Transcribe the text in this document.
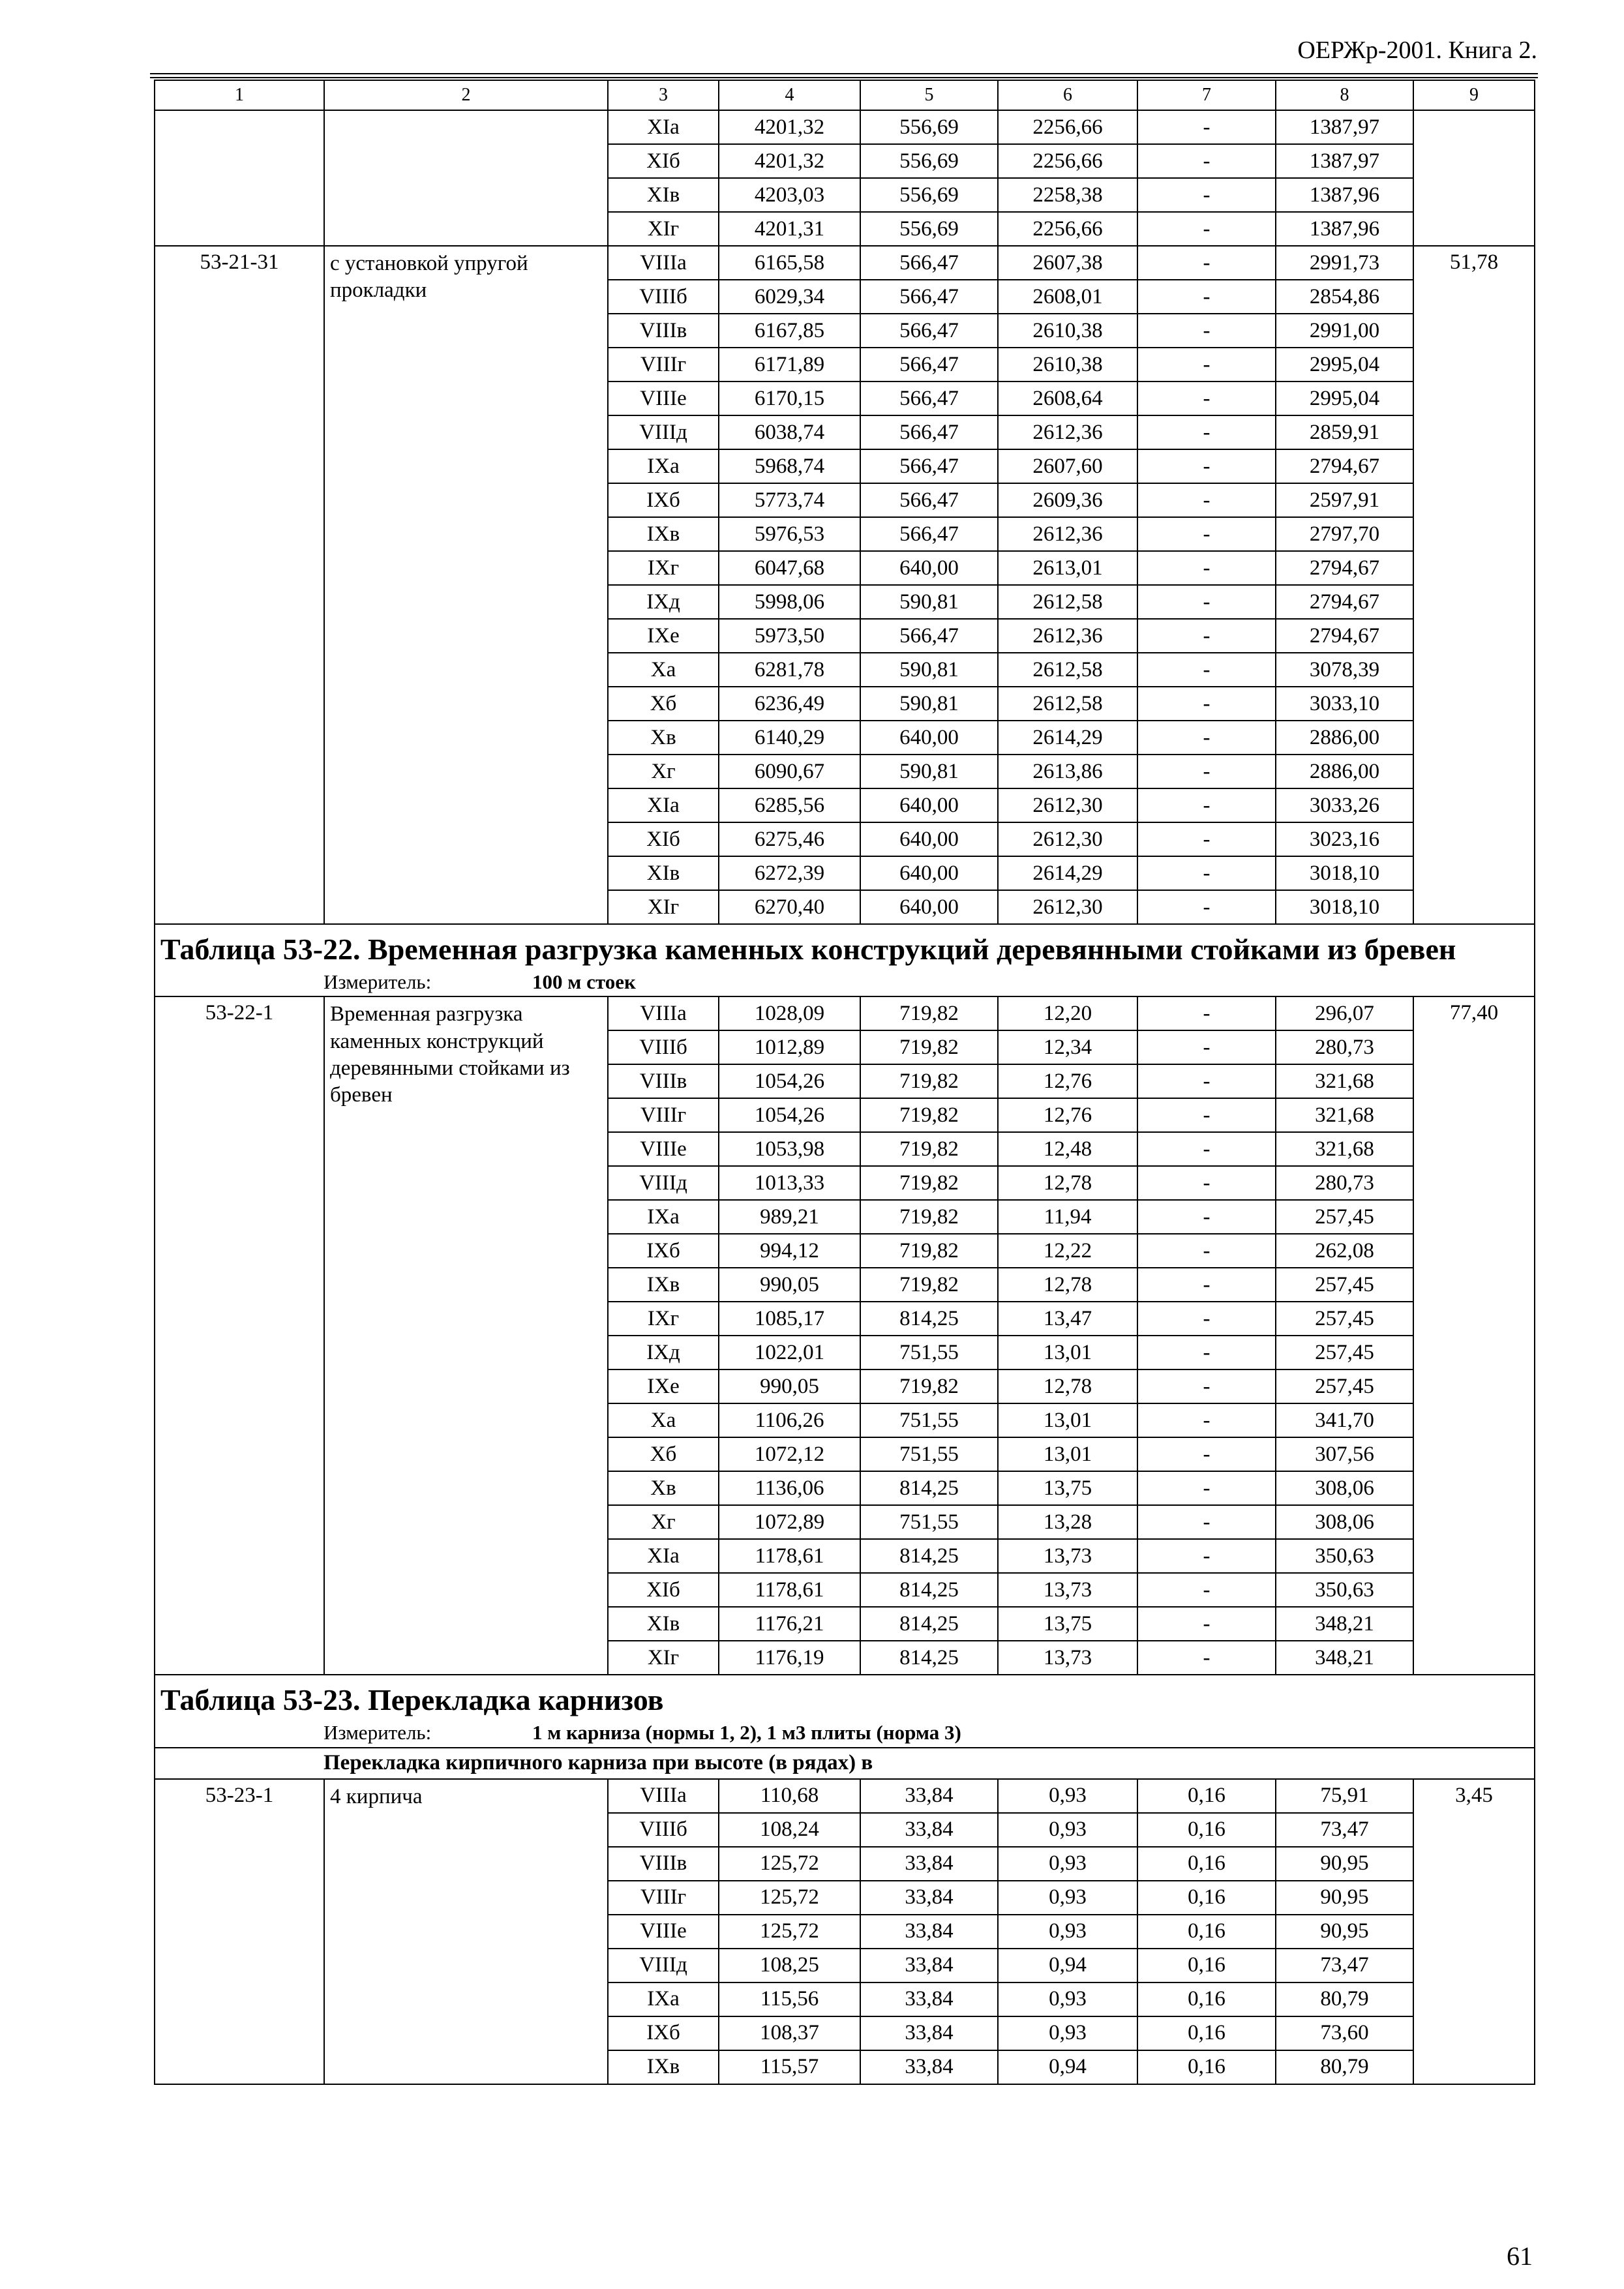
ОЕРЖр-2001. Книга 2.
1	2	3	4	5	6	7	8	9
		XIа	4201,32	556,69	2256,66	-	1387,97	
		XIб	4201,32	556,69	2256,66	-	1387,97	
		XIв	4203,03	556,69	2258,38	-	1387,96	
		XIг	4201,31	556,69	2256,66	-	1387,96	
53-21-31	с установкой упругой прокладки	VIIIа	6165,58	566,47	2607,38	-	2991,73	51,78
		VIIIб	6029,34	566,47	2608,01	-	2854,86	
		VIIIв	6167,85	566,47	2610,38	-	2991,00	
		VIIIг	6171,89	566,47	2610,38	-	2995,04	
		VIIIе	6170,15	566,47	2608,64	-	2995,04	
		VIIIд	6038,74	566,47	2612,36	-	2859,91	
		IXа	5968,74	566,47	2607,60	-	2794,67	
		IXб	5773,74	566,47	2609,36	-	2597,91	
		IXв	5976,53	566,47	2612,36	-	2797,70	
		IXг	6047,68	640,00	2613,01	-	2794,67	
		IXд	5998,06	590,81	2612,58	-	2794,67	
		IXе	5973,50	566,47	2612,36	-	2794,67	
		Xа	6281,78	590,81	2612,58	-	3078,39	
		Xб	6236,49	590,81	2612,58	-	3033,10	
		Xв	6140,29	640,00	2614,29	-	2886,00	
		Xг	6090,67	590,81	2613,86	-	2886,00	
		XIа	6285,56	640,00	2612,30	-	3033,26	
		XIб	6275,46	640,00	2612,30	-	3023,16	
		XIв	6272,39	640,00	2614,29	-	3018,10	
		XIг	6270,40	640,00	2612,30	-	3018,10	

Таблица 53-22. Временная разгрузка каменных конструкций деревянными стойками из бревен
Измеритель: 100 м стоек								

53-22-1	Временная разгрузка каменных конструкций деревянными стойками из бревен	VIIIа	1028,09	719,82	12,20	-	296,07	77,40
		VIIIб	1012,89	719,82	12,34	-	280,73	
		VIIIв	1054,26	719,82	12,76	-	321,68	
		VIIIг	1054,26	719,82	12,76	-	321,68	
		VIIIе	1053,98	719,82	12,48	-	321,68	
		VIIIд	1013,33	719,82	12,78	-	280,73	
		IXа	989,21	719,82	11,94	-	257,45	
		IXб	994,12	719,82	12,22	-	262,08	
		IXв	990,05	719,82	12,78	-	257,45	
		IXг	1085,17	814,25	13,47	-	257,45	
		IXд	1022,01	751,55	13,01	-	257,45	
		IXе	990,05	719,82	12,78	-	257,45	
		Xа	1106,26	751,55	13,01	-	341,70	
		Xб	1072,12	751,55	13,01	-	307,56	
		Xв	1136,06	814,25	13,75	-	308,06	
		Xг	1072,89	751,55	13,28	-	308,06	
		XIа	1178,61	814,25	13,73	-	350,63	
		XIб	1178,61	814,25	13,73	-	350,63	
		XIв	1176,21	814,25	13,75	-	348,21	
		XIг	1176,19	814,25	13,73	-	348,21	

Таблица 53-23. Перекладка карнизов
Измеритель: 1 м карниза (нормы 1, 2), 1 м3 плиты (норма 3)								

Перекладка кирпичного карниза при высоте (в рядах) в								
53-23-1	4 кирпича	VIIIа	110,68	33,84	0,93	0,16	75,91	3,45
		VIIIб	108,24	33,84	0,93	0,16	73,47	
		VIIIв	125,72	33,84	0,93	0,16	90,95	
		VIIIг	125,72	33,84	0,93	0,16	90,95	
		VIIIе	125,72	33,84	0,93	0,16	90,95	
		VIIIд	108,25	33,84	0,94	0,16	73,47	
		IXа	115,56	33,84	0,93	0,16	80,79	
		IXб	108,37	33,84	0,93	0,16	73,60	
		IXв	115,57	33,84	0,94	0,16	80,79	
61
